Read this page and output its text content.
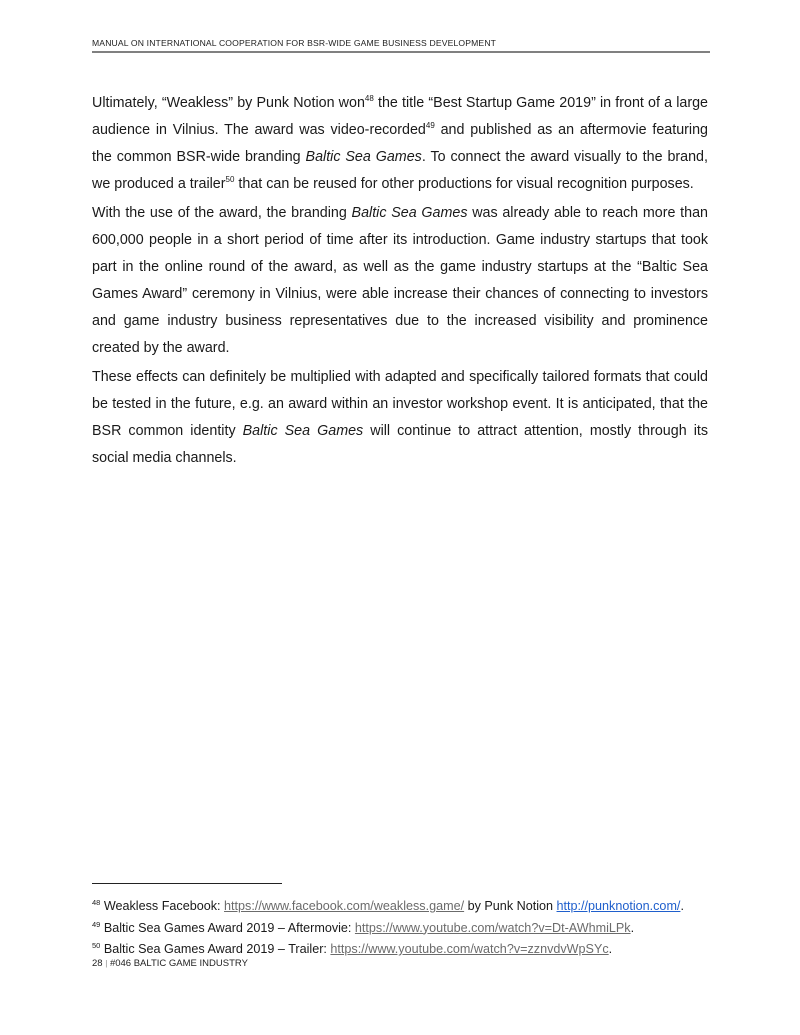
MANUAL ON INTERNATIONAL COOPERATION FOR BSR-WIDE GAME BUSINESS DEVELOPMENT

Ultimately, “Weakless” by Punk Notion won$^{48}$ the title “Best Startup Game 2019” in front of a large audience in Vilnius. The award was video-recorded$^{49}$ and published as an aftermovie featuring the common BSR-wide branding Baltic Sea Games. To connect the award visually to the brand, we produced a trailer$^{50}$ that can be reused for other productions for visual recognition purposes.

With the use of the award, the branding Baltic Sea Games was already able to reach more than 600,000 people in a short period of time after its introduction. Game industry startups that took part in the online round of the award, as well as the game industry startups at the “Baltic Sea Games Award” ceremony in Vilnius, were able increase their chances of connecting to investors and game industry business representatives due to the increased visibility and prominence created by the award.

These effects can definitely be multiplied with adapted and specifically tailored formats that could be tested in the future, e.g. an award within an investor workshop event. It is anticipated, that the BSR common identity Baltic Sea Games will continue to attract attention, mostly through its social media channels.

$^{48}$ Weakless Facebook: https://www.facebook.com/weakless.game/ by Punk Notion http://punknotion.com/.
$^{49}$ Baltic Sea Games Award 2019 – Aftermovie: https://www.youtube.com/watch?v=Dt-AWhmiLPk.
$^{50}$ Baltic Sea Games Award 2019 – Trailer: https://www.youtube.com/watch?v=zznvdvWpSYc.
28 | #046 BALTIC GAME INDUSTRY
